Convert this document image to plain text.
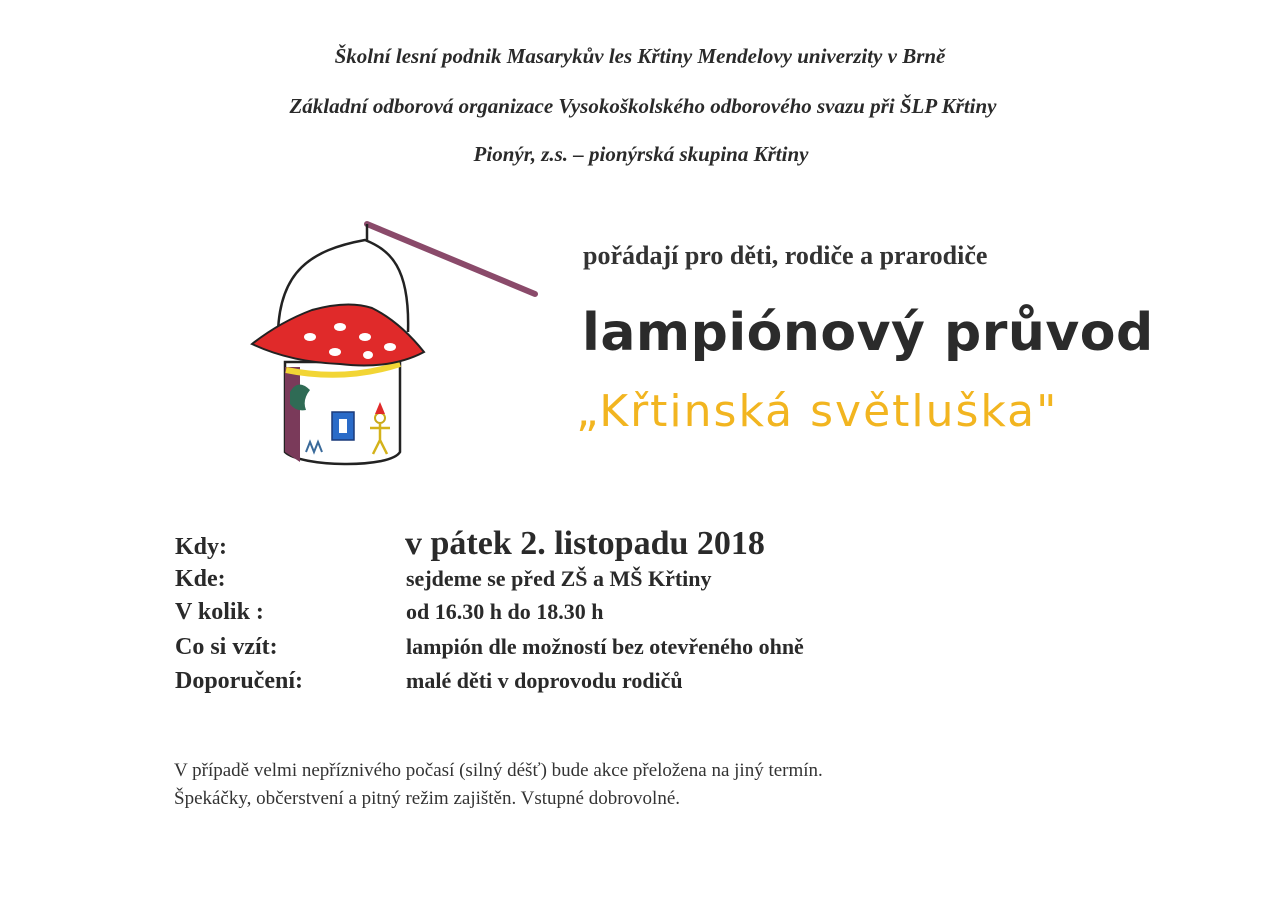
Školní lesní podnik Masarykův les Křtiny Mendelovy univerzity v Brně
Základní odborová organizace Vysokoškolského odborového svazu při ŠLP Křtiny
Pionýr, z.s. – pionýrská skupina Křtiny
pořádají pro děti, rodiče a prarodiče
lampiónový průvod
„Křtinská světluška"
Kdy:	v pátek 2. listopadu 2018
Kde:	sejdeme se před ZŠ a MŠ Křtiny
V kolik :	od 16.30 h do 18.30 h
Co si vzít:	lampión dle možností bez otevřeného ohně
Doporučení:	malé děti v doprovodu rodičů
V případě velmi nepříznivého počasí (silný déšť) bude akce přeložena na jiný termín.
Špekáčky, občerstvení a pitný režim zajištěn. Vstupné dobrovolné.
